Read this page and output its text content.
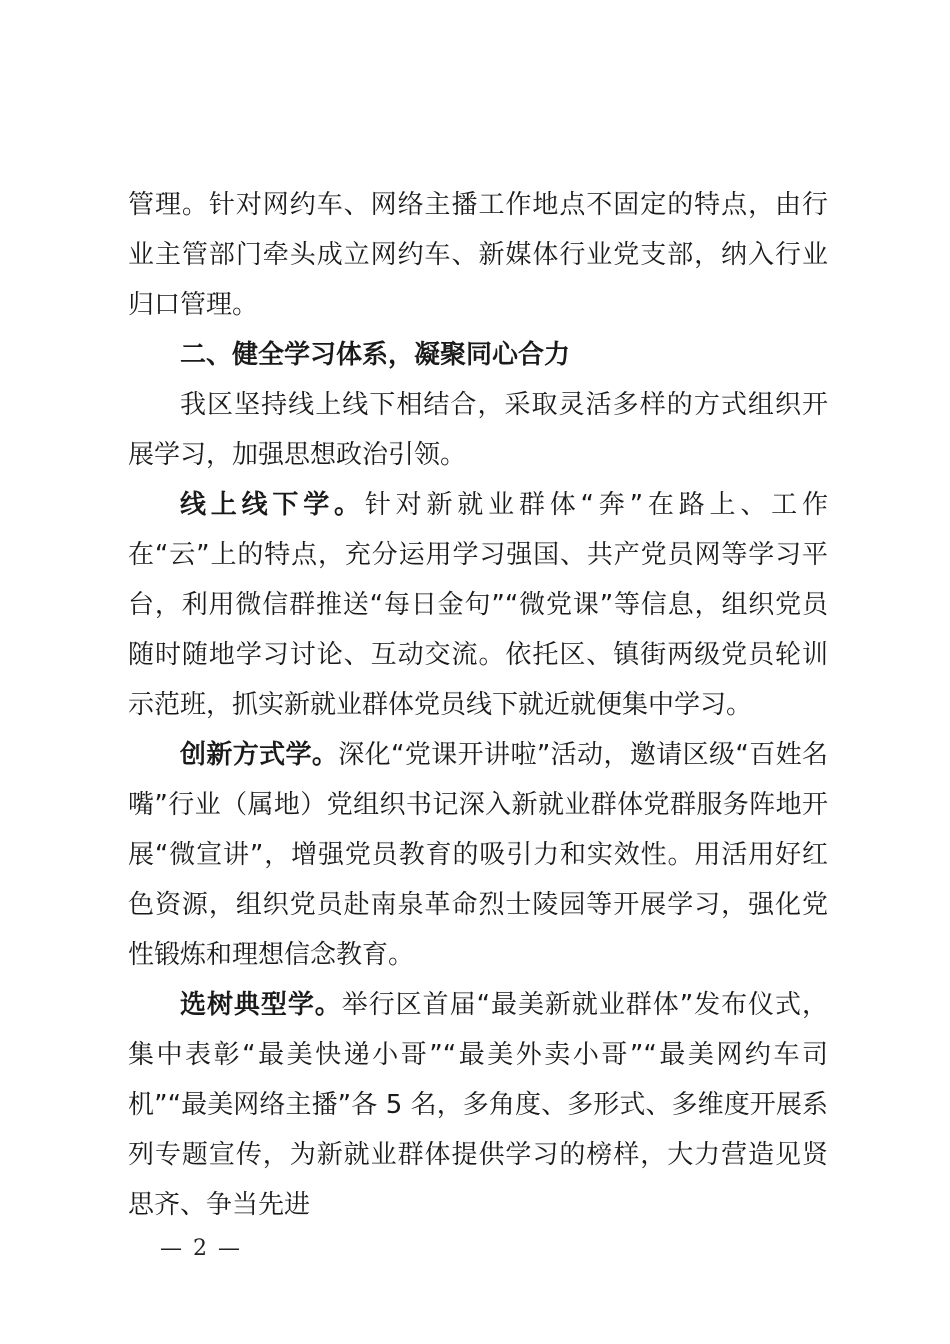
管理。针对网约车、网络主播工作地点不固定的特点，由行业主管部门牵头成立网约车、新媒体行业党支部，纳入行业归口管理。

二、健全学习体系，凝聚同心合力

我区坚持线上线下相结合，采取灵活多样的方式组织开展学习，加强思想政治引领。

线上线下学。针对新就业群体“奔”在路上、工作在“云”上的特点，充分运用学习强国、共产党员网等学习平台，利用微信群推送“每日金句”“微党课”等信息，组织党员随时随地学习讨论、互动交流。依托区、镇街两级党员轮训示范班，抓实新就业群体党员线下就近就便集中学习。

创新方式学。深化“党课开讲啦”活动，邀请区级“百姓名嘴”行业（属地）党组织书记深入新就业群体党群服务阵地开展“微宣讲”，增强党员教育的吸引力和实效性。用活用好红色资源，组织党员赴南泉革命烈士陵园等开展学习，强化党性锻炼和理想信念教育。

选树典型学。举行区首届“最美新就业群体”发布仪式，集中表彰“最美快递小哥”“最美外卖小哥”“最美网约车司机”“最美网络主播”各 5 名，多角度、多形式、多维度开展系列专题宣传，为新就业群体提供学习的榜样，大力营造见贤思齐、争当先进

— 2 —
